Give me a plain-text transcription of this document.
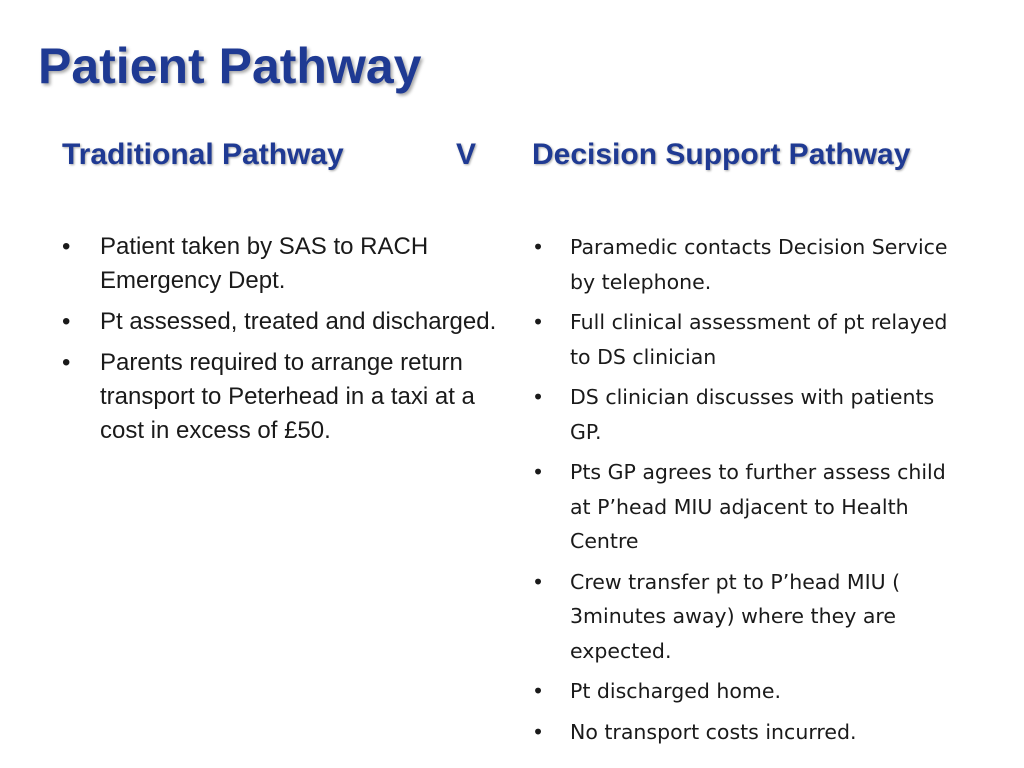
Patient Pathway
Traditional Pathway	V Decision Support Pathway
• Patient taken by SAS to RACH Emergency Dept.
• Pt assessed, treated and discharged.
• Parents required to arrange return transport to Peterhead in a taxi at a cost in excess of £50.
• Paramedic contacts Decision Service by telephone.
• Full clinical assessment of pt relayed to DS clinician
• DS clinician discusses with patients GP.
• Pts GP agrees to further assess child at P’head MIU adjacent to Health Centre
• Crew transfer pt to P’head MIU ( 3minutes away) where they are expected.
• Pt discharged home.
• No transport costs incurred.
